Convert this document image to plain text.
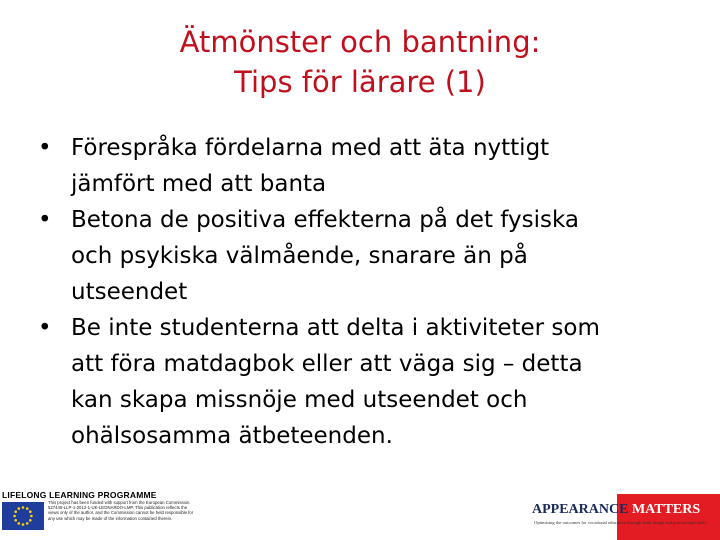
Ätmönster och bantning:
Tips för lärare (1)
• Förespråka fördelarna med att äta nyttigt
jämfört med att banta
• Betona de positiva effekterna på det fysiska
och psykiska välmående, snarare än på
utseendet
• Be inte studenterna att delta i aktiviteter som
att föra matdagbok eller att väga sig – detta
kan skapa missnöje med utseendet och
ohälsosamma ätbeteenden.
LIFELONG LEARNING PROGRAMME
This project has been funded with support from the European Commission. 527445-LLP-1-2012-1-UK-LEONARDO-LMP. This publication reflects the views only of the author, and the Commission cannot be held responsible for any use which may be made of the information contained therein.
APPEARANCE MATTERS
Optimising the outcomes for vocational education through body image and professional skills
